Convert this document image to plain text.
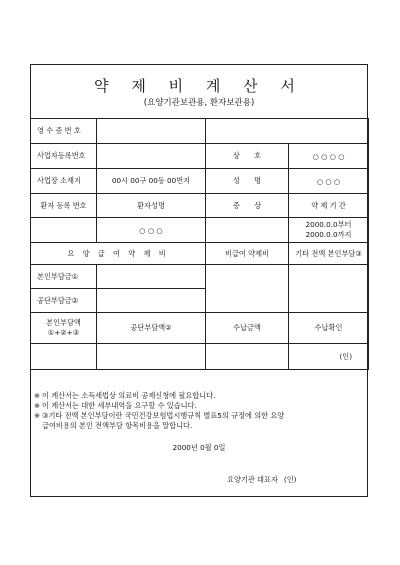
약 제 비 계 산 서
(요양기관보관용, 환자보관용)
영 수 증 번 호			
사업자등록번호		상　　호	○ ○ ○ ○
사업장 소재지	00시 00구 00동 00번지	성　　명	○ ○ ○
환자 등록 번호	환자성명	증　　상	약 제 기 간
	○ ○ ○		2000.0.0부터
2000.0.0까지

요 양 급 여 약 제 비		비급여 약제비	기타 전액 본인부담③
본인부담금①			
공단부담금②			

본인부담액
①+②+③	공단부담액②	수납금액	수납확인
			(인)
※ 이 계산서는 소득세법상 의료비 공제신청에 필요합니다.
※ 이 계산서는 대한 세부내역을 요구할 수 있습니다.
※ ③기타 전액 본인부담이란 국민건강보험법시행규칙 별표5의 규정에 의한 요양
급여비용의 본인 전액부담 항목비용을 말합니다.
2000년 0월 0일
요양기관 대표자 (인)
